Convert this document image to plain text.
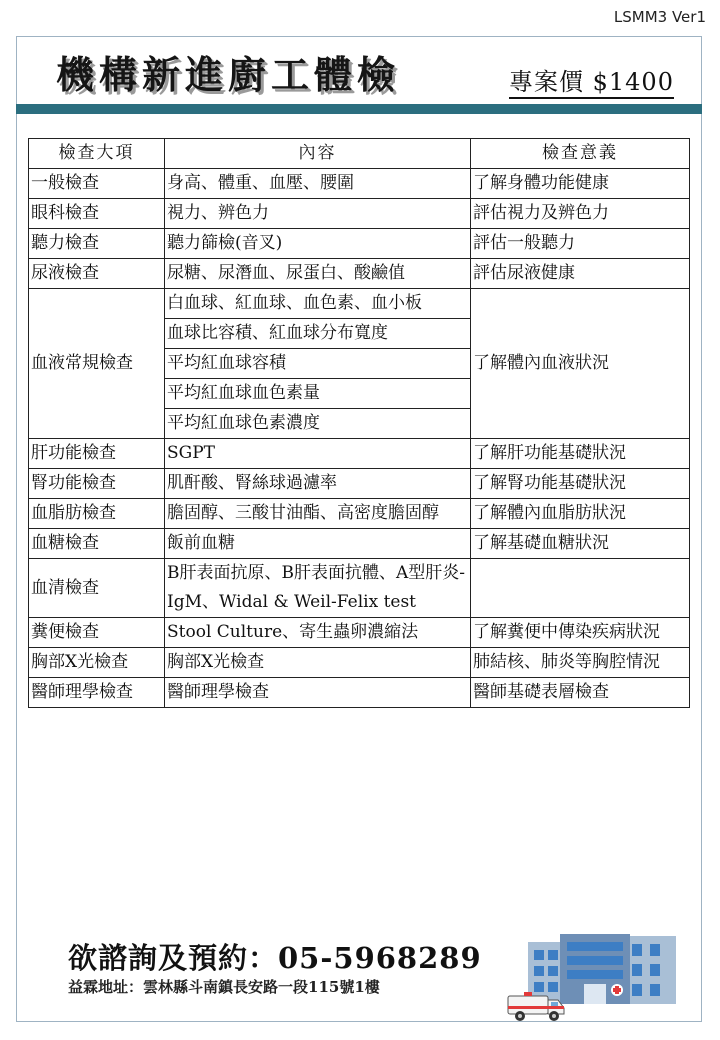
LSMM3 Ver1
機構新進廚工體檢	專案價 $1400
檢查大項	內容	檢查意義
一般檢查	身高、體重、血壓、腰圍	了解身體功能健康
眼科檢查	視力、辨色力	評估視力及辨色力
聽力檢查	聽力篩檢(音叉)	評估一般聽力
尿液檢查	尿糖、尿潛血、尿蛋白、酸鹼值	評估尿液健康
血液常規檢查	白血球、紅血球、血色素、血小板	了解體內血液狀況
	血球比容積、紅血球分布寬度	
	平均紅血球容積	
	平均紅血球血色素量	
	平均紅血球色素濃度	
肝功能檢查	SGPT	了解肝功能基礎狀況
腎功能檢查	肌酐酸、腎絲球過濾率	了解腎功能基礎狀況
血脂肪檢查	膽固醇、三酸甘油酯、高密度膽固醇	了解體內血脂肪狀況
血糖檢查	飯前血糖	了解基礎血糖狀況
血清檢查	B肝表面抗原、B肝表面抗體、A型肝炎-IgM、Widal & Weil-Felix test	
糞便檢查	Stool Culture、寄生蟲卵濃縮法	了解糞便中傳染疾病狀況
胸部X光檢查	胸部X光檢查	肺結核、肺炎等胸腔情況
醫師理學檢查	醫師理學檢查	醫師基礎表層檢查

欲諮詢及預約：05-5968289

益霖地址：雲林縣斗南鎮長安路一段115號1樓
